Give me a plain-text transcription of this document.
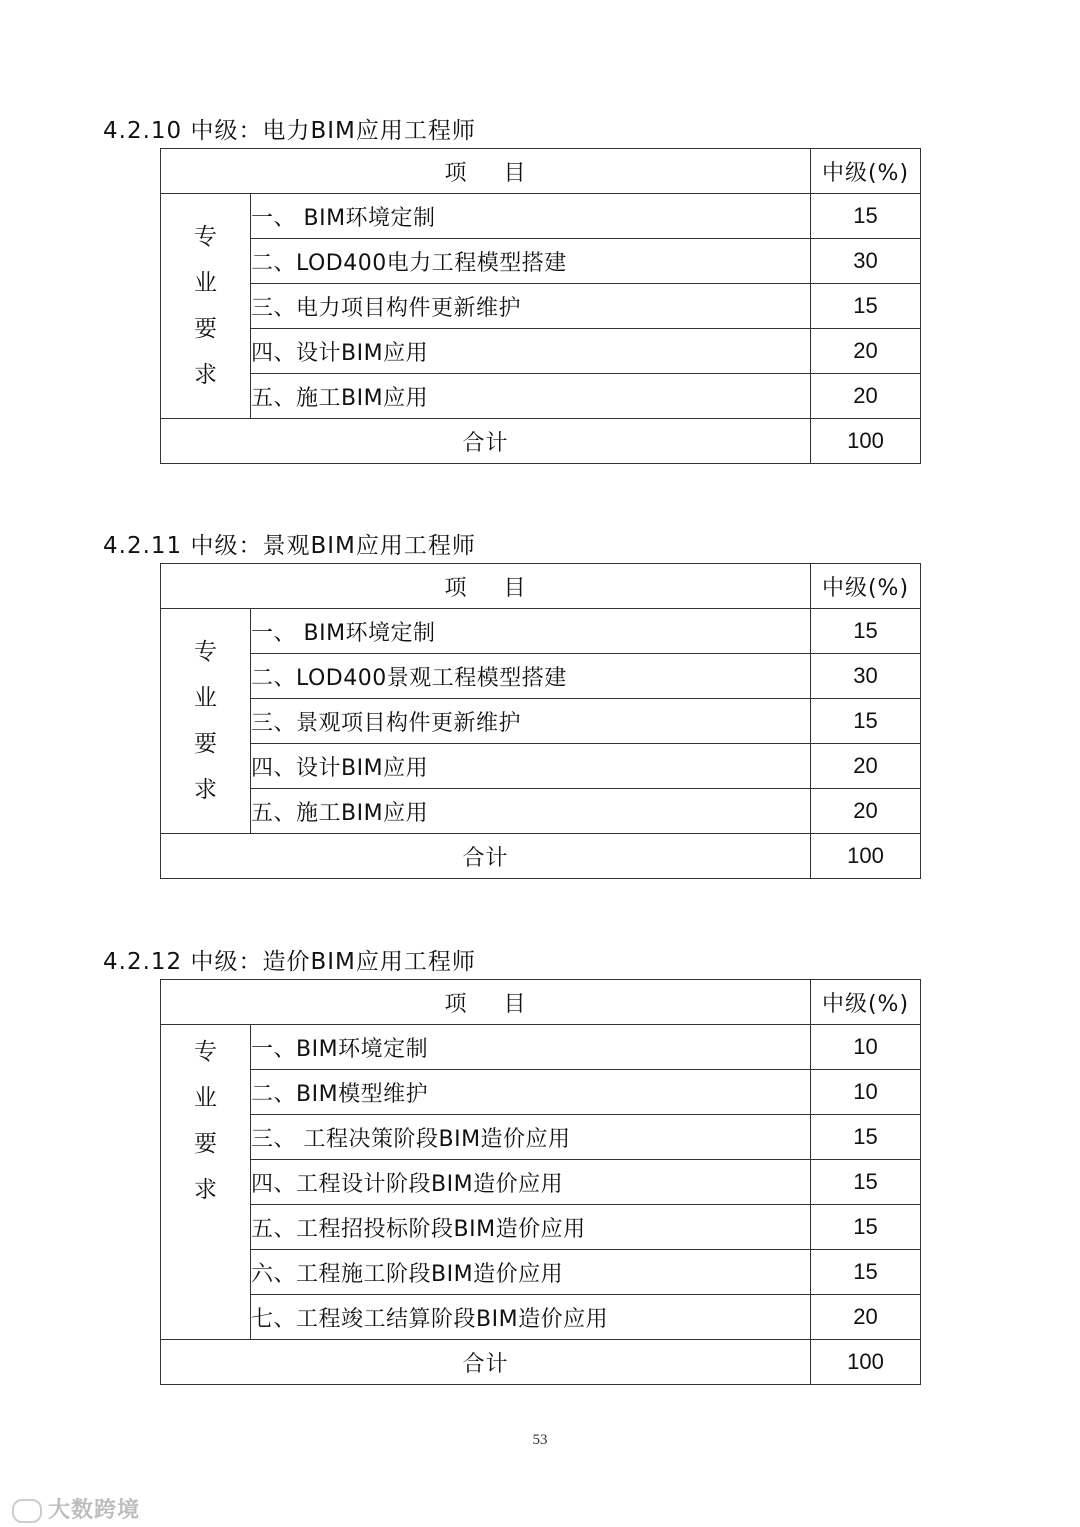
4.2.10 中级：电力BIM应用工程师
项 目		中级(%)

专
业
要
求	一、 BIM环境定制	15
	二、LOD400电力工程模型搭建	30
	三、电力项目构件更新维护	15
	四、设计BIM应用	20
	五、施工BIM应用	20
合计		100
4.2.11 中级：景观BIM应用工程师
项 目		中级(%)

专
业
要
求	一、 BIM环境定制	15
	二、LOD400景观工程模型搭建	30
	三、景观项目构件更新维护	15
	四、设计BIM应用	20
	五、施工BIM应用	20
合计		100
4.2.12 中级：造价BIM应用工程师
项 目		中级(%)

专
业
要
求	一、BIM环境定制	10
	二、BIM模型维护	10
	三、 工程决策阶段BIM造价应用	15
	四、工程设计阶段BIM造价应用	15
	五、工程招投标阶段BIM造价应用	15
	六、工程施工阶段BIM造价应用	15
	七、工程竣工结算阶段BIM造价应用	20
合计		100
53
大数跨境
